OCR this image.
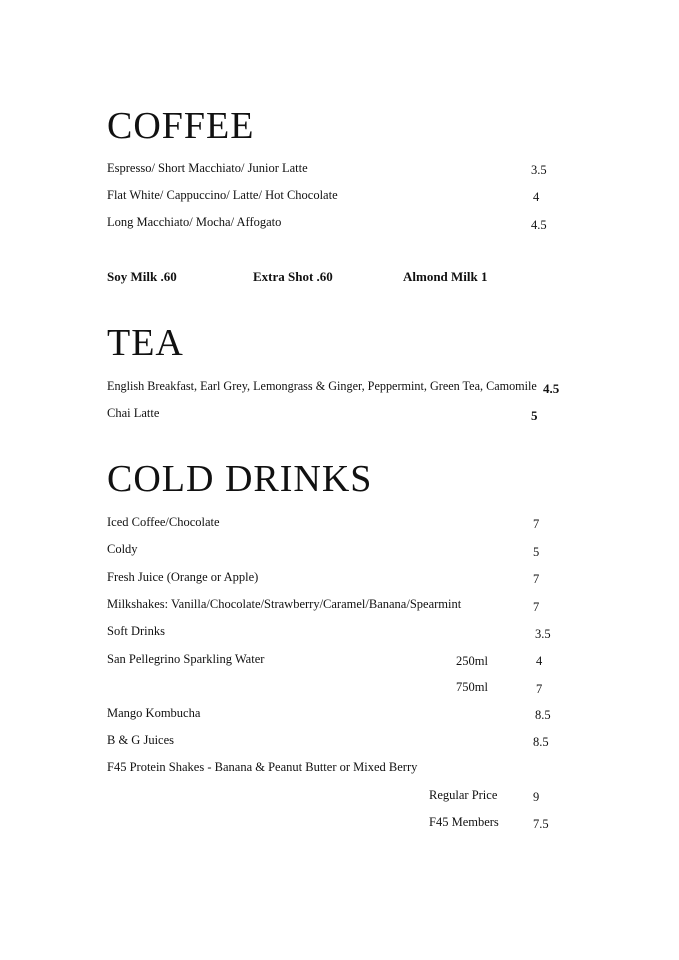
COFFEE
Espresso/ Short Macchiato/ Junior Latte	3.5
Flat White/ Cappuccino/ Latte/ Hot Chocolate	4
Long Macchiato/ Mocha/ Affogato	4.5
Soy Milk .60	Extra Shot .60	Almond Milk 1
TEA
English Breakfast, Earl Grey, Lemongrass & Ginger, Peppermint, Green Tea, Camomile 4.5
Chai Latte	5
COLD DRINKS
Iced Coffee/Chocolate	7
Coldy	5
Fresh Juice (Orange or Apple)	7
Milkshakes: Vanilla/Chocolate/Strawberry/Caramel/Banana/Spearmint	7
Soft Drinks	3.5
San Pellegrino Sparkling Water	250ml	4
750ml	7
Mango Kombucha	8.5
B & G Juices	8.5
F45 Protein Shakes - Banana & Peanut Butter or Mixed Berry
Regular Price	9
F45 Members	7.5
